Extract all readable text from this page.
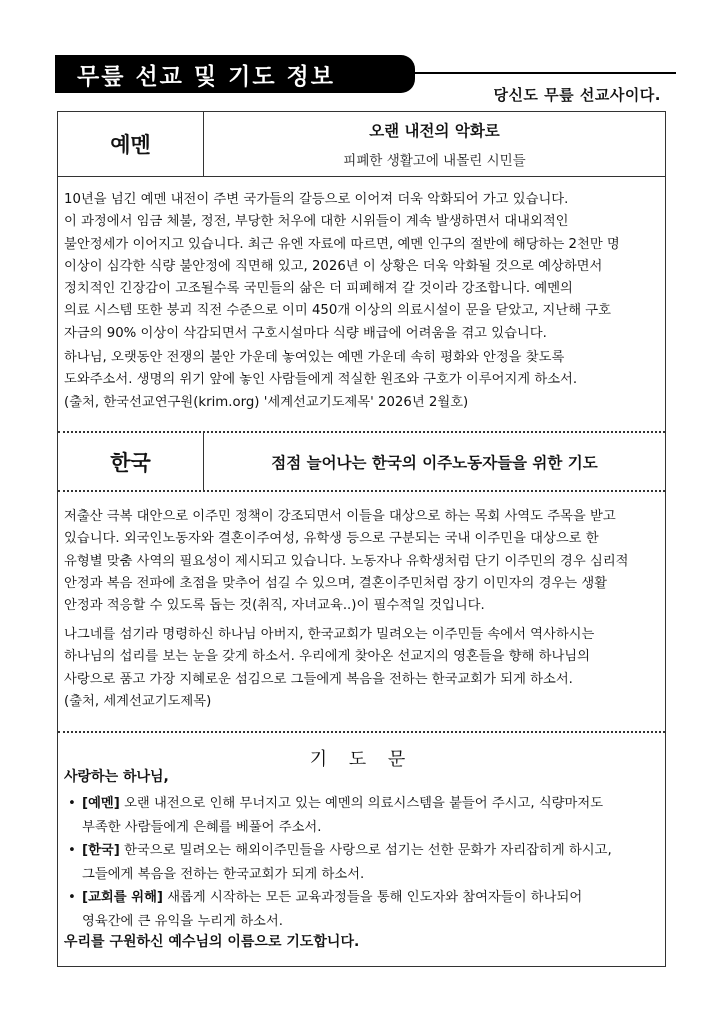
무릎 선교 및 기도 정보
당신도 무릎 선교사이다.
예멘
오랜 내전의 악화로
피폐한 생활고에 내몰린 시민들
10년을 넘긴 예멘 내전이 주변 국가들의 갈등으로 이어져 더욱 악화되어 가고 있습니다.
이 과정에서 임금 체불, 정전, 부당한 처우에 대한 시위들이 계속 발생하면서 대내외적인
불안정세가 이어지고 있습니다. 최근 유엔 자료에 따르면, 예멘 인구의 절반에 해당하는 2천만 명
이상이 심각한 식량 불안정에 직면해 있고, 2026년 이 상황은 더욱 악화될 것으로 예상하면서
정치적인 긴장감이 고조될수록 국민들의 삶은 더 피폐해져 갈 것이라 강조합니다. 예멘의
의료 시스템 또한 붕괴 직전 수준으로 이미 450개 이상의 의료시설이 문을 닫았고, 지난해 구호
자금의 90% 이상이 삭감되면서 구호시설마다 식량 배급에 어려움을 겪고 있습니다.
하나님, 오랫동안 전쟁의 불안 가운데 놓여있는 예멘 가운데 속히 평화와 안정을 찾도록
도와주소서. 생명의 위기 앞에 놓인 사람들에게 적실한 원조와 구호가 이루어지게 하소서.
(출처, 한국선교연구원(krim.org) '세계선교기도제목' 2026년 2월호)
한국	점점 늘어나는 한국의 이주노동자들을 위한 기도
저출산 극복 대안으로 이주민 정책이 강조되면서 이들을 대상으로 하는 목회 사역도 주목을 받고
있습니다. 외국인노동자와 결혼이주여성, 유학생 등으로 구분되는 국내 이주민을 대상으로 한
유형별 맞춤 사역의 필요성이 제시되고 있습니다. 노동자나 유학생처럼 단기 이주민의 경우 심리적
안정과 복음 전파에 초점을 맞추어 섬길 수 있으며, 결혼이주민처럼 장기 이민자의 경우는 생활
안정과 적응할 수 있도록 돕는 것(취직, 자녀교육..)이 필수적일 것입니다.
나그네를 섬기라 명령하신 하나님 아버지, 한국교회가 밀려오는 이주민들 속에서 역사하시는
하나님의 섭리를 보는 눈을 갖게 하소서. 우리에게 찾아온 선교지의 영혼들을 향해 하나님의
사랑으로 품고 가장 지혜로운 섬김으로 그들에게 복음을 전하는 한국교회가 되게 하소서.
(출처, 세계선교기도제목)
기 도 문
사랑하는 하나님,
• [예멘] 오랜 내전으로 인해 무너지고 있는 예멘의 의료시스템을 붙들어 주시고, 식량마저도
부족한 사람들에게 은혜를 베풀어 주소서.
• [한국] 한국으로 밀려오는 해외이주민들을 사랑으로 섬기는 선한 문화가 자리잡히게 하시고,
그들에게 복음을 전하는 한국교회가 되게 하소서.
• [교회를 위해] 새롭게 시작하는 모든 교육과정들을 통해 인도자와 참여자들이 하나되어
영육간에 큰 유익을 누리게 하소서.
우리를 구원하신 예수님의 이름으로 기도합니다.
